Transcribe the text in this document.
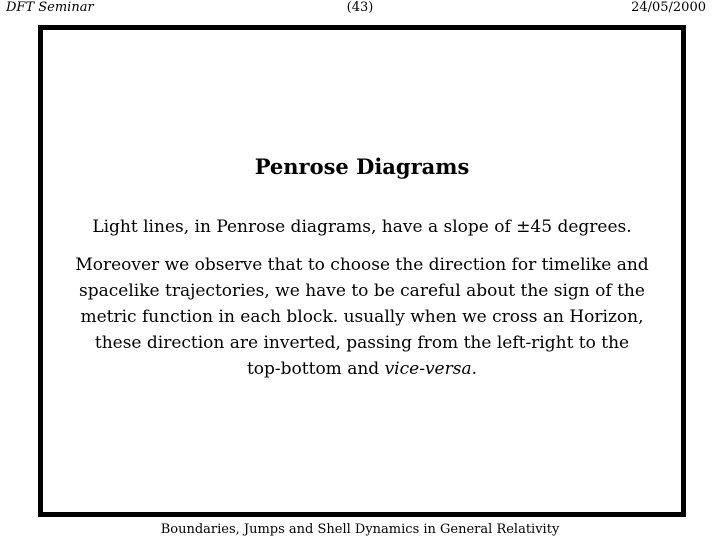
DFT Seminar	(43)	24/05/2000
Penrose Diagrams
Light lines, in Penrose diagrams, have a slope of ±45 degrees.
Moreover we observe that to choose the direction for timelike and
spacelike trajectories, we have to be careful about the sign of the
metric function in each block. usually when we cross an Horizon,
these direction are inverted, passing from the left-right to the
top-bottom and vice-versa.
Boundaries, Jumps and Shell Dynamics in General Relativity
